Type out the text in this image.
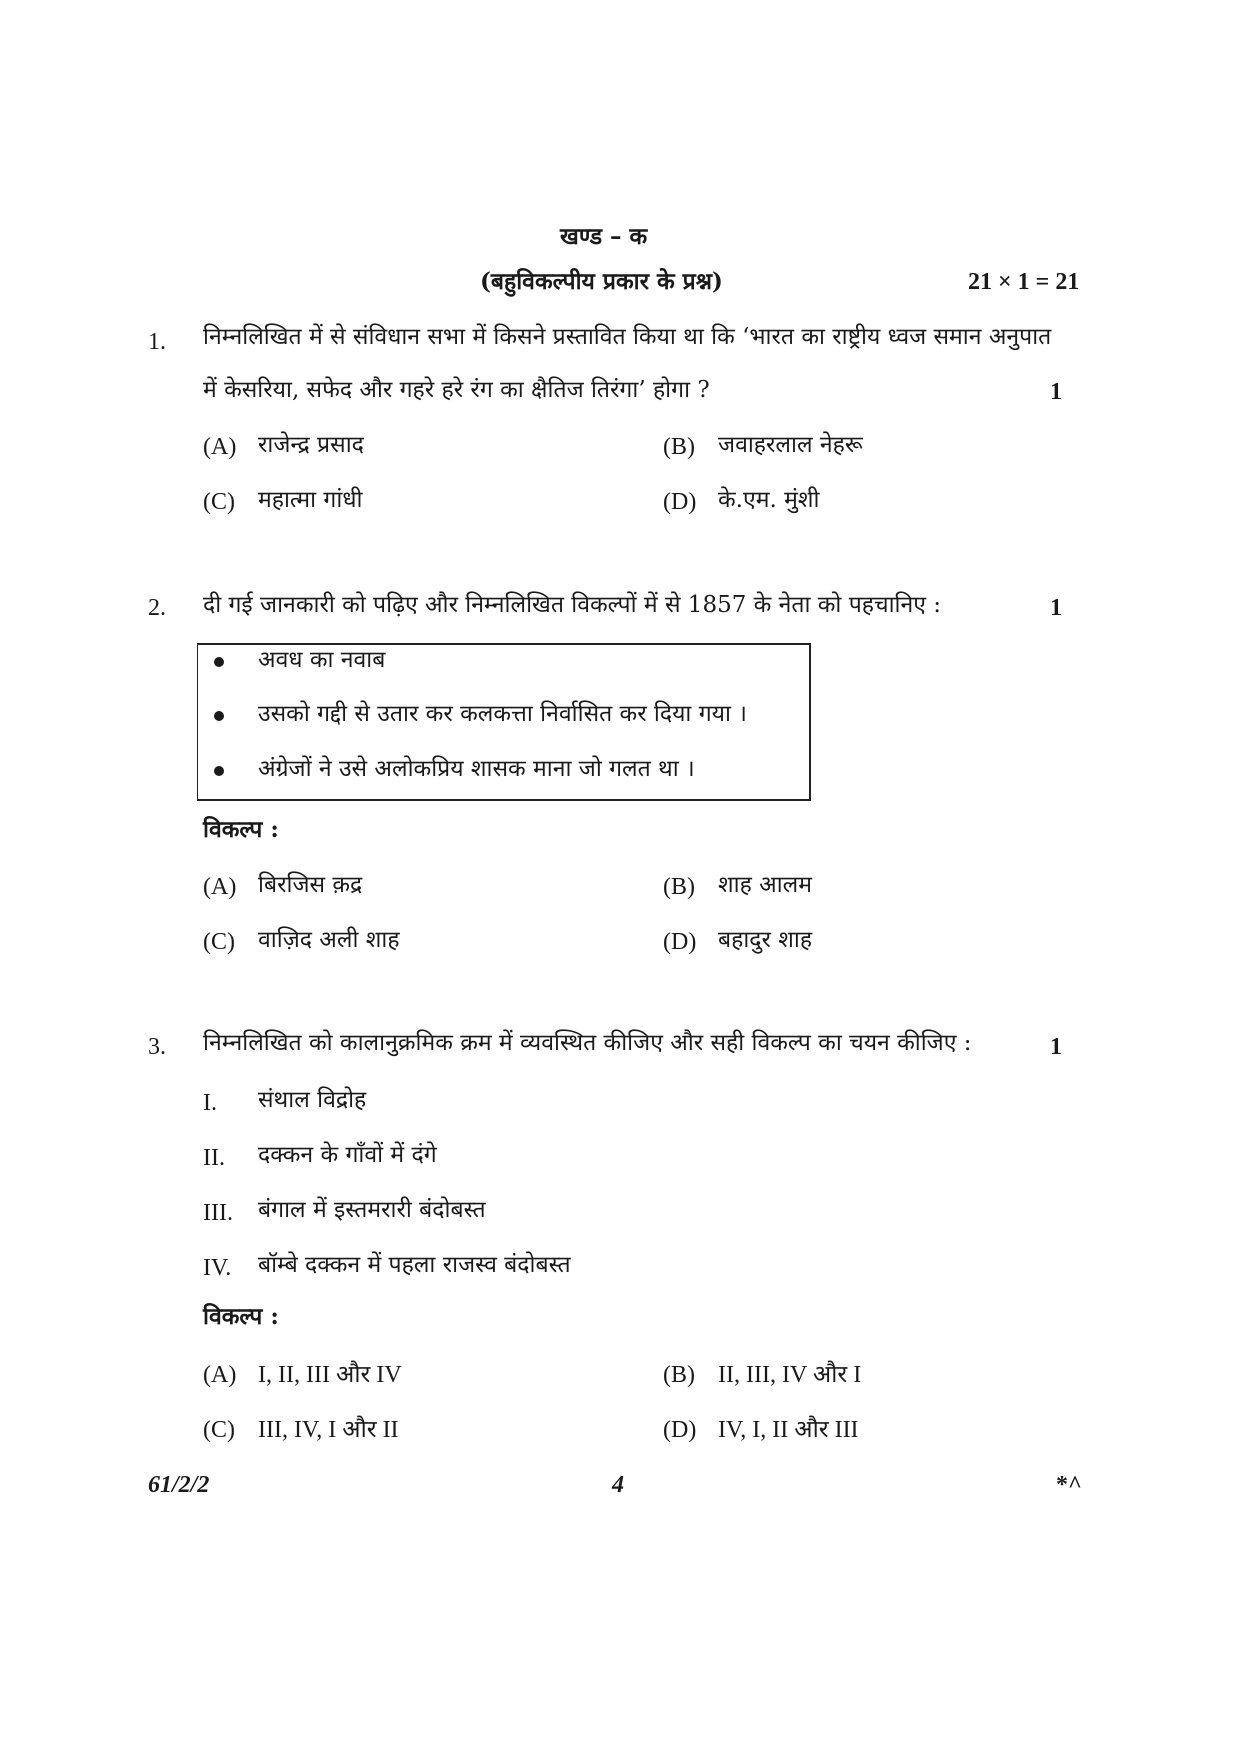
खण्ड – क
(बहुविकल्पीय प्रकार के प्रश्न)	21 × 1 = 21
1. निम्नलिखित में से संविधान सभा में किसने प्रस्तावित किया था कि ‘भारत का राष्ट्रीय ध्वज समान अनुपात
में केसरिया, सफेद और गहरे हरे रंग का क्षैतिज तिरंगा’ होगा ?	1
(A) राजेन्द्र प्रसाद	(B) जवाहरलाल नेहरू
(C) महात्मा गांधी	(D) के.एम. मुंशी
2. दी गई जानकारी को पढ़िए और निम्नलिखित विकल्पों में से 1857 के नेता को पहचानिए :	1
अवध का नवाब
उसको गद्दी से उतार कर कलकत्ता निर्वासित कर दिया गया ।
अंग्रेजों ने उसे अलोकप्रिय शासक माना जो गलत था ।
विकल्प :
(A) बिरजिस क़द्र	(B) शाह आलम
(C) वाज़िद अली शाह	(D) बहादुर शाह
3. निम्नलिखित को कालानुक्रमिक क्रम में व्यवस्थित कीजिए और सही विकल्प का चयन कीजिए :	1
I. संथाल विद्रोह
II. दक्कन के गाँवों में दंगे
III. बंगाल में इस्तमरारी बंदोबस्त
IV. बॉम्बे दक्कन में पहला राजस्व बंदोबस्त
विकल्प :
(A) I, II, III और IV	(B) II, III, IV और I
(C) III, IV, I और II	(D) IV, I, II और III
61/2/2	4	*^
